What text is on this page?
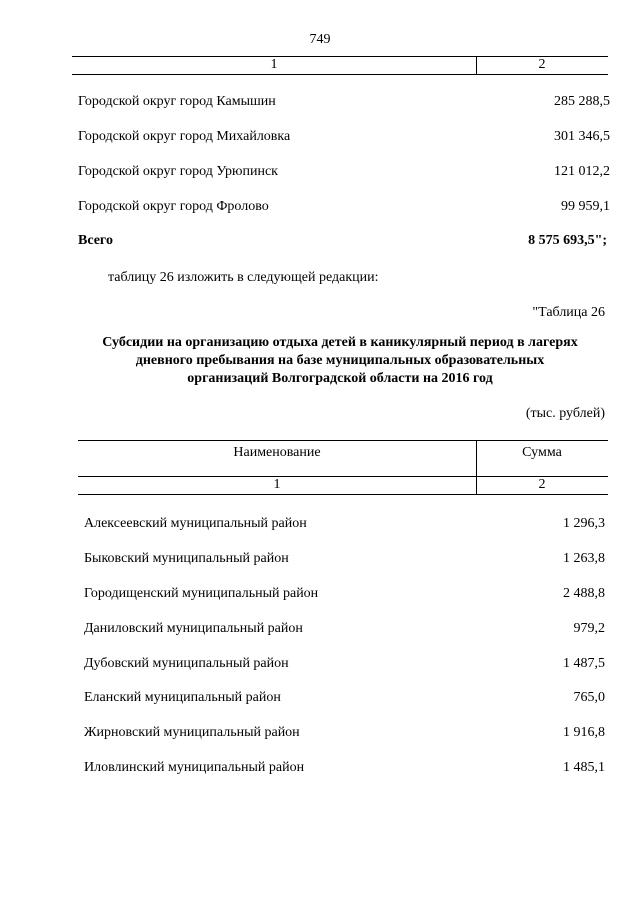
749
1	2
Городской округ город Камышин	285 288,5
Городской округ город Михайловка	301 346,5
Городской округ город Урюпинск	121 012,2
Городской округ город Фролово	99 959,1
Всего	8 575 693,5";
таблицу 26 изложить в следующей редакции:
"Таблица 26
Субсидии на организацию отдыха детей в каникулярный период в лагерях
дневного пребывания на базе муниципальных образовательных
организаций Волгоградской области на 2016 год
(тыс. рублей)
Наименование	Сумма
1	2
Алексеевский муниципальный район	1 296,3
Быковский муниципальный район	1 263,8
Городищенский муниципальный район	2 488,8
Даниловский муниципальный район	979,2
Дубовский муниципальный район	1 487,5
Еланский муниципальный район	765,0
Жирновский муниципальный район	1 916,8
Иловлинский муниципальный район	1 485,1
